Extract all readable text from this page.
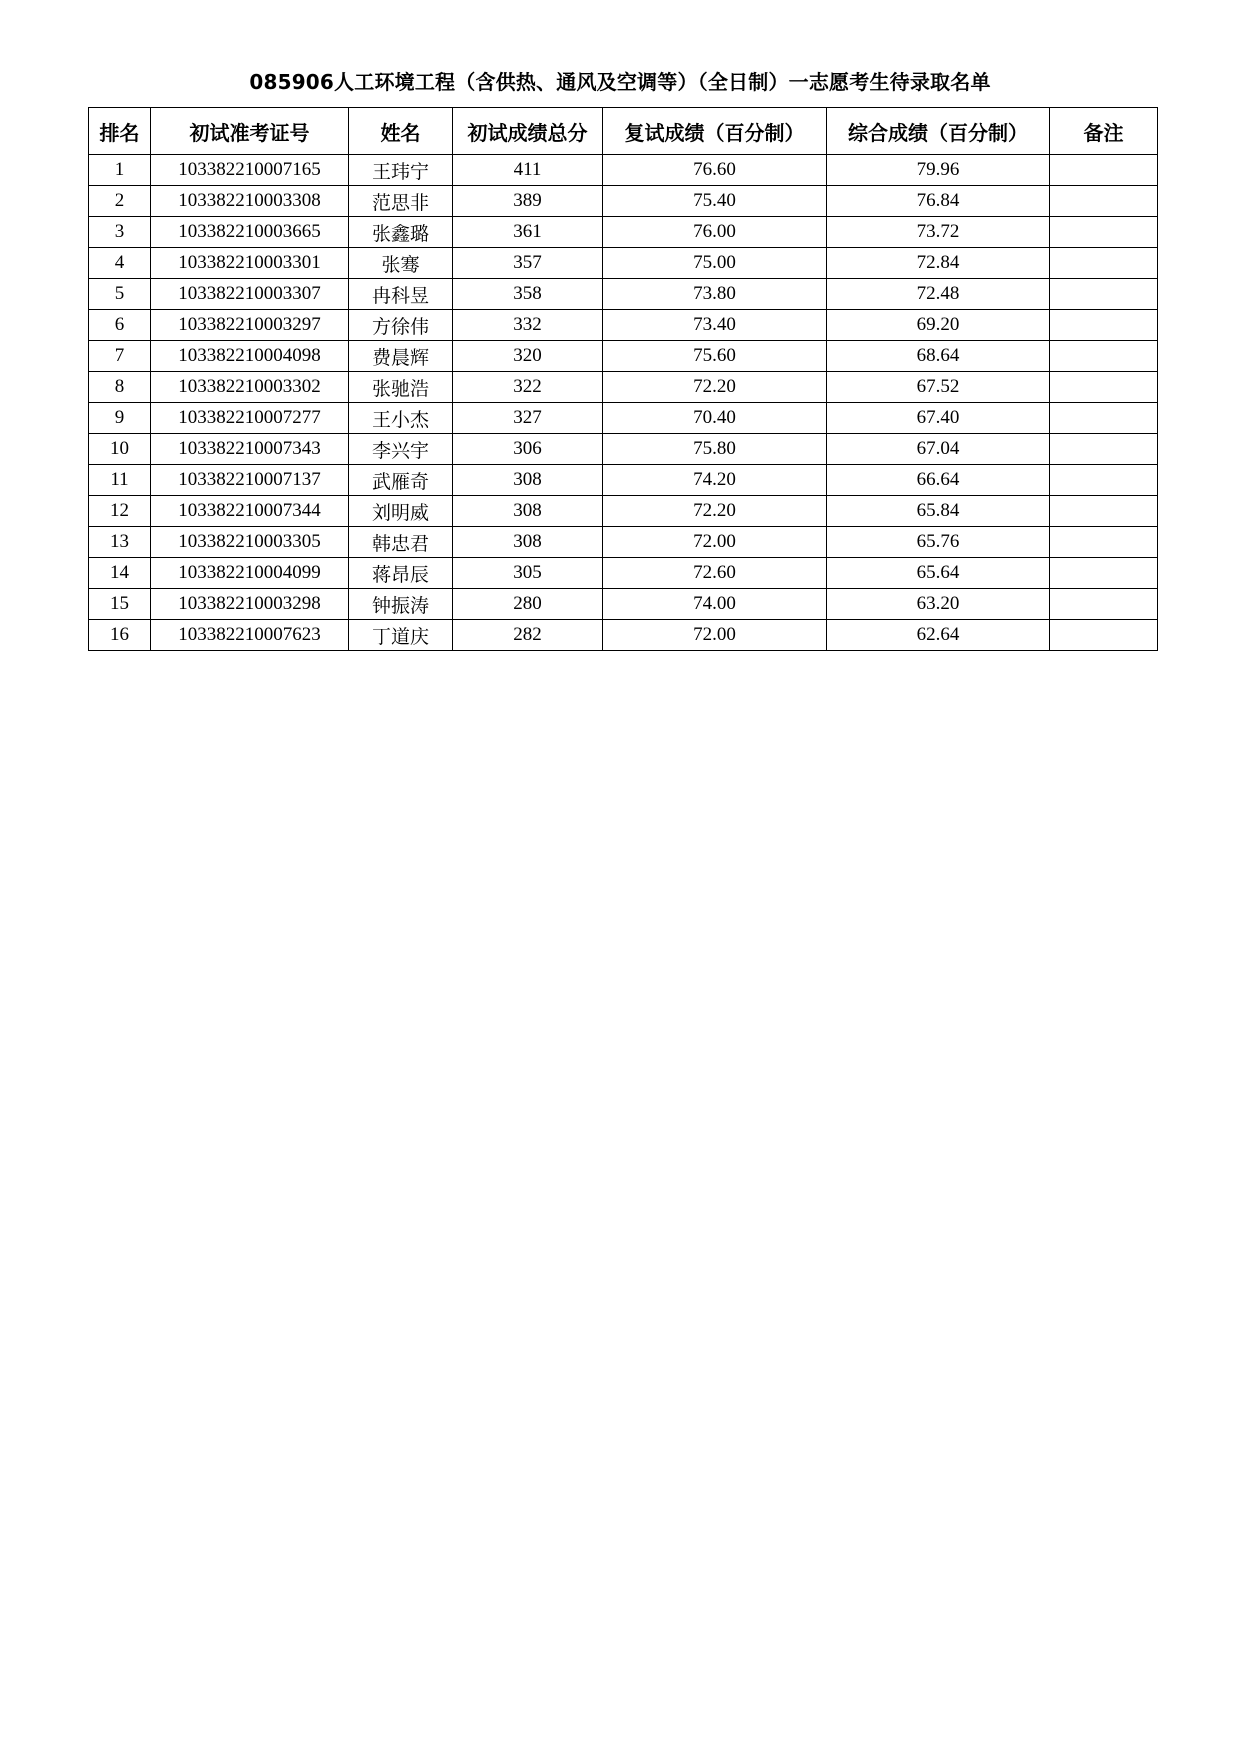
085906人工环境工程（含供热、通风及空调等）（全日制）一志愿考生待录取名单
排名	初试准考证号	姓名	初试成绩总分	复试成绩（百分制）	综合成绩（百分制）	备注
1	103382210007165	王玮宁	411	76.60	79.96	
2	103382210003308	范思非	389	75.40	76.84	
3	103382210003665	张鑫璐	361	76.00	73.72	
4	103382210003301	张骞	357	75.00	72.84	
5	103382210003307	冉科昱	358	73.80	72.48	
6	103382210003297	方徐伟	332	73.40	69.20	
7	103382210004098	费晨辉	320	75.60	68.64	
8	103382210003302	张驰浩	322	72.20	67.52	
9	103382210007277	王小杰	327	70.40	67.40	
10	103382210007343	李兴宇	306	75.80	67.04	
11	103382210007137	武雁奇	308	74.20	66.64	
12	103382210007344	刘明威	308	72.20	65.84	
13	103382210003305	韩忠君	308	72.00	65.76	
14	103382210004099	蒋昂辰	305	72.60	65.64	
15	103382210003298	钟振涛	280	74.00	63.20	
16	103382210007623	丁道庆	282	72.00	62.64	
